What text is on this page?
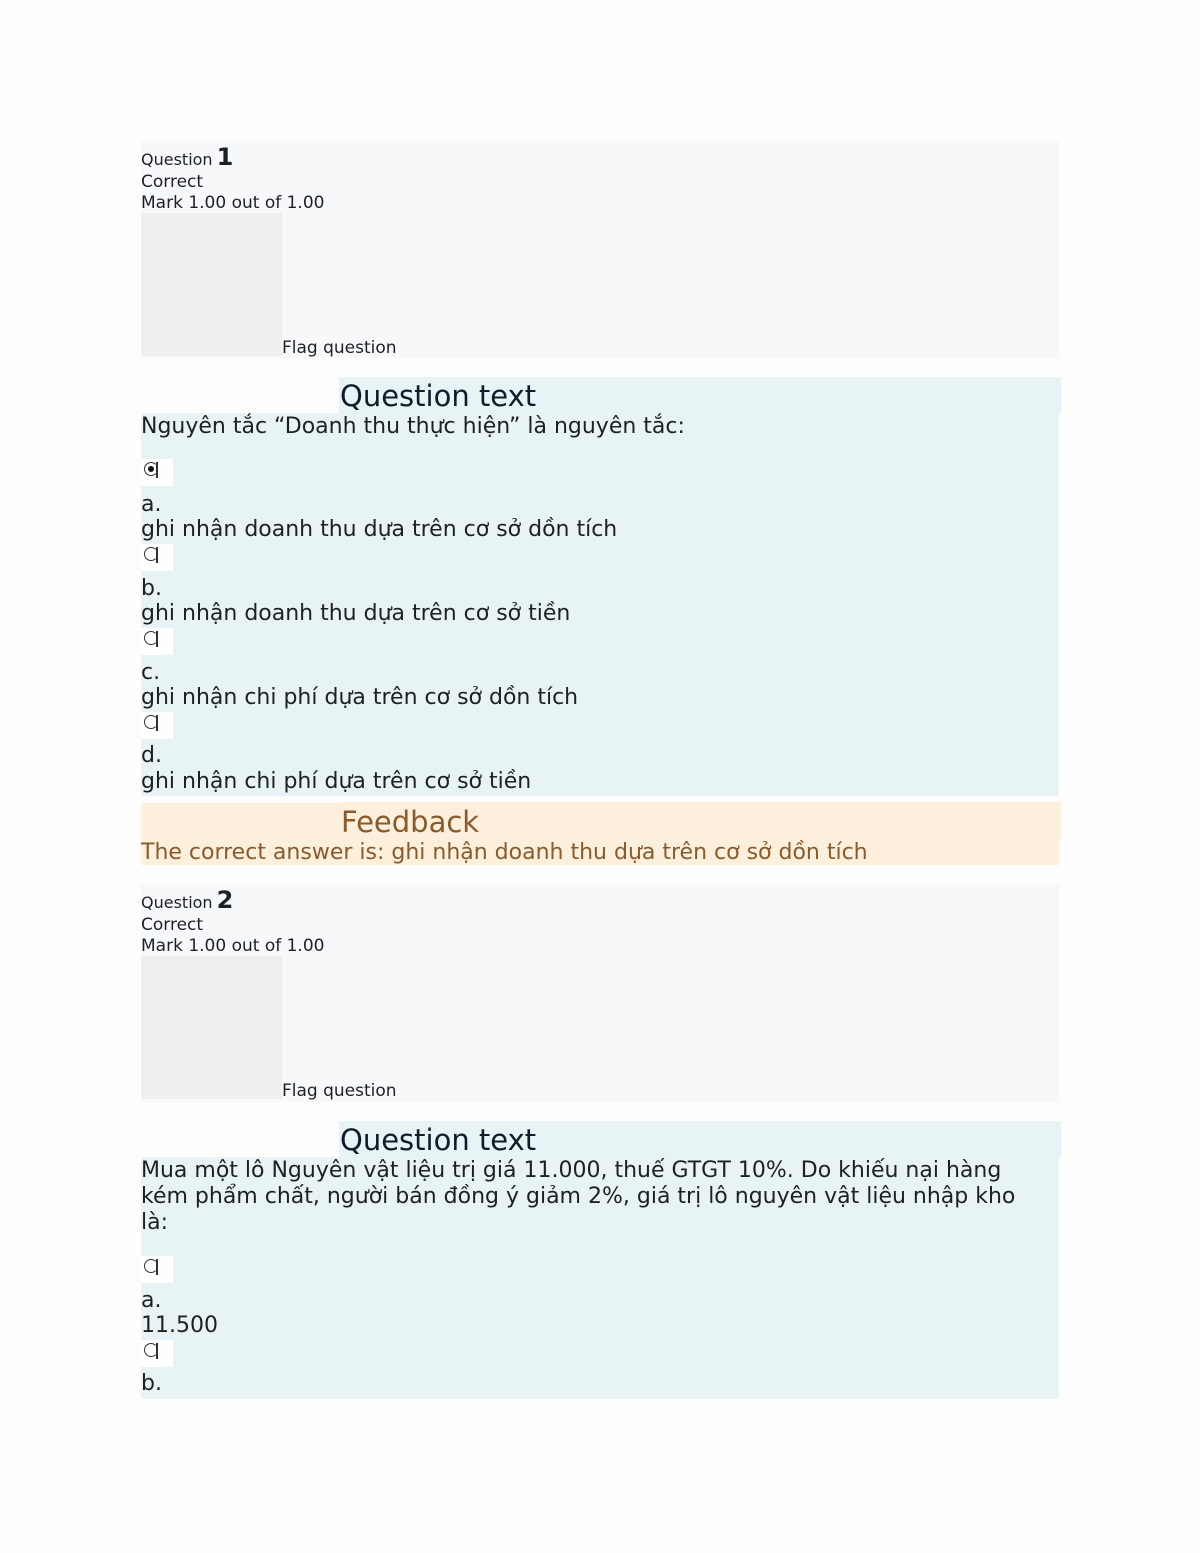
Question 1
Correct
Mark 1.00 out of 1.00
Flag question
Question text
Nguyên tắc “Doanh thu thực hiện” là nguyên tắc:
a.
ghi nhận doanh thu dựa trên cơ sở dồn tích
b.
ghi nhận doanh thu dựa trên cơ sở tiền
c.
ghi nhận chi phí dựa trên cơ sở dồn tích
d.
ghi nhận chi phí dựa trên cơ sở tiền
Feedback
The correct answer is: ghi nhận doanh thu dựa trên cơ sở dồn tích
Question 2
Correct
Mark 1.00 out of 1.00
Flag question
Question text
Mua một lô Nguyên vật liệu trị giá 11.000, thuế GTGT 10%. Do khiếu nại hàng kém phẩm chất, người bán đồng ý giảm 2%, giá trị lô nguyên vật liệu nhập kho là:
a.
11.500
b.
